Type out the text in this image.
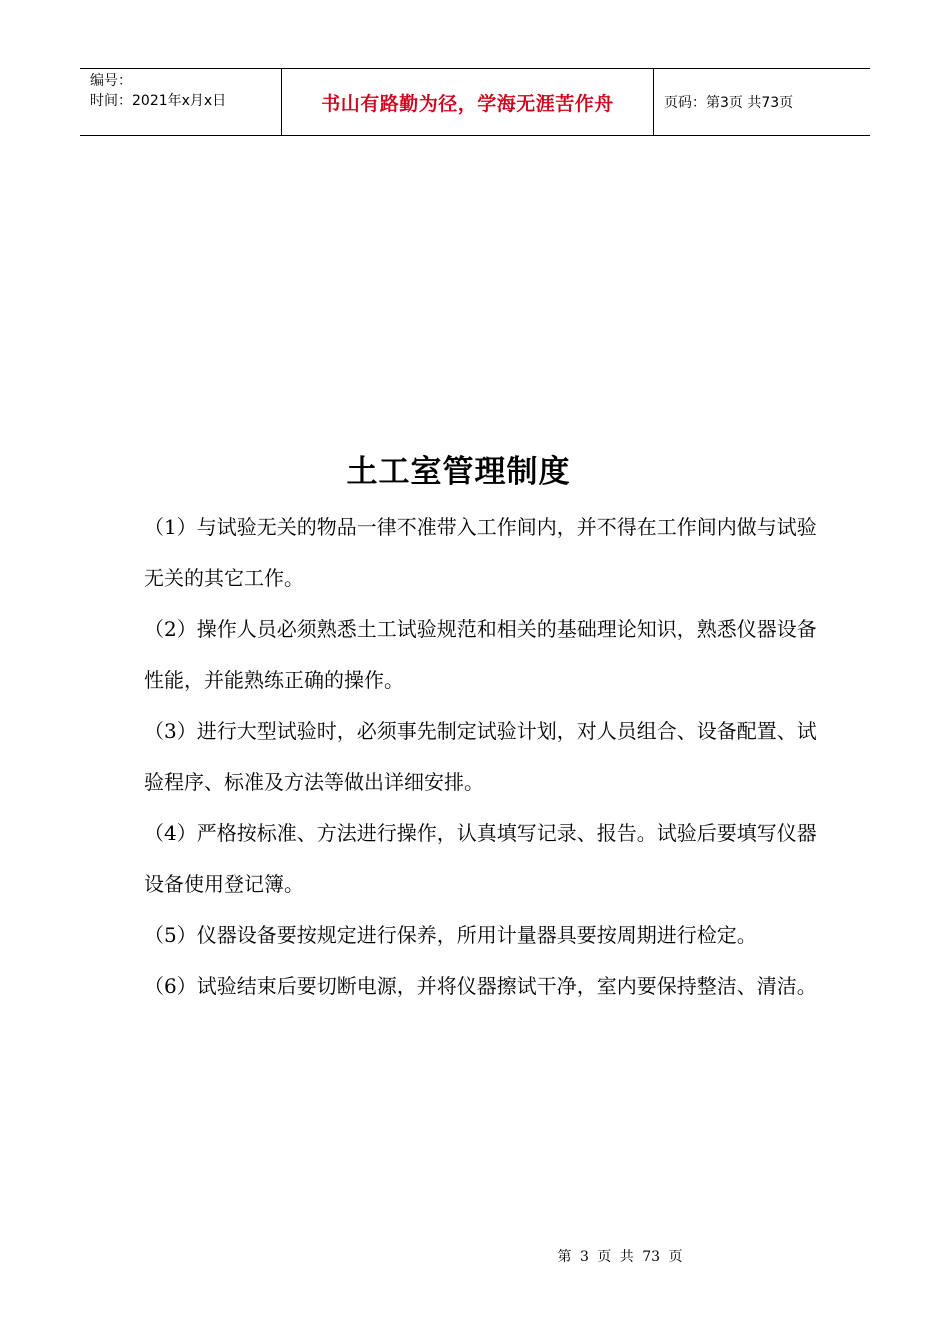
编号：
时间：2021年x月x日	书山有路勤为径，学海无涯苦作舟	页码：第3页 共73页
土工室管理制度

（1）与试验无关的物品一律不准带入工作间内，并不得在工作间内做与试验无关的其它工作。

（2）操作人员必须熟悉土工试验规范和相关的基础理论知识，熟悉仪器设备性能，并能熟练正确的操作。

（3）进行大型试验时，必须事先制定试验计划，对人员组合、设备配置、试验程序、标准及方法等做出详细安排。

（4）严格按标准、方法进行操作，认真填写记录、报告。试验后要填写仪器设备使用登记簿。

（5）仪器设备要按规定进行保养，所用计量器具要按周期进行检定。

（6）试验结束后要切断电源，并将仪器擦试干净，室内要保持整洁、清洁。

第 3 页 共 73 页
